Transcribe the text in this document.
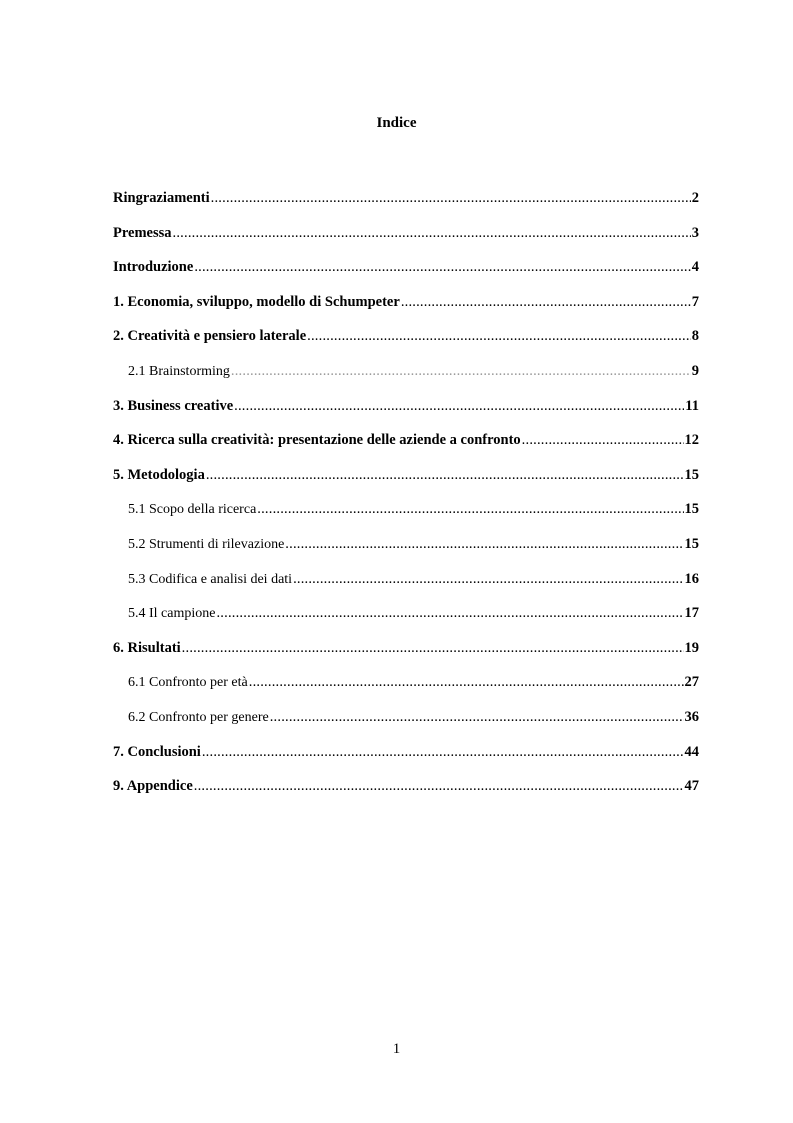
Indice
Ringraziamenti .....	2
Premessa .....	3
Introduzione .....	4
1. Economia, sviluppo, modello di Schumpeter .....	7
2. Creatività e pensiero laterale .....	8
2.1 Brainstorming .....	9
3. Business creative .....	11
4. Ricerca sulla creatività: presentazione delle aziende a confronto .....	12
5. Metodologia .....	15
5.1 Scopo della ricerca .....	15
5.2 Strumenti di rilevazione .....	15
5.3 Codifica e analisi dei dati .....	16
5.4 Il campione .....	17
6. Risultati .....	19
6.1 Confronto per età .....	27
6.2 Confronto per genere .....	36
7. Conclusioni .....	44
9. Appendice .....	47

1
